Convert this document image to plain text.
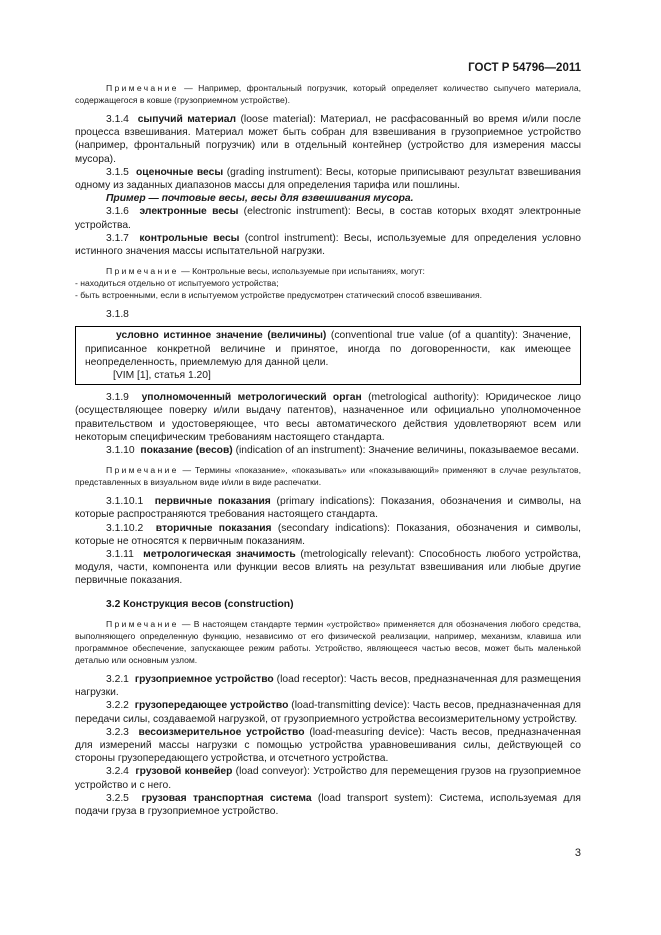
ГОСТ Р 54796—2011

Примечание — Например, фронтальный погрузчик, который определяет количество сыпучего материала, содержащегося в ковше (грузоприемном устройстве).

3.1.4 сыпучий материал (loose material): Материал, не расфасованный во время и/или после процесса взвешивания. Материал может быть собран для взвешивания в грузоприемное устройство (например, фронтальный погрузчик) или в отдельный контейнер (устройство для измерения массы мусора).

3.1.5 оценочные весы (grading instrument): Весы, которые приписывают результат взвешивания одному из заданных диапазонов массы для определения тарифа или пошлины.

Пример — почтовые весы, весы для взвешивания мусора.

3.1.6 электронные весы (electronic instrument): Весы, в состав которых входят электронные устройства.

3.1.7 контрольные весы (control instrument): Весы, используемые для определения условно истинного значения массы испытательной нагрузки.

Примечание — Контрольные весы, используемые при испытаниях, могут:

- находиться отдельно от испытуемого устройства;
- быть встроенными, если в испытуемом устройстве предусмотрен статический способ взвешивания.

3.1.8

условно истинное значение (величины) (conventional true value (of a quantity): Значение, приписанное конкретной величине и принятое, иногда по договоренности, как имеющее неопределенность, приемлемую для данной цели.

[VIM [1], статья 1.20]

3.1.9 уполномоченный метрологический орган (metrological authority): Юридическое лицо (осуществляющее поверку и/или выдачу патентов), назначенное или официально уполномоченное правительством и удостоверяющее, что весы автоматического действия удовлетворяют всем или некоторым специфическим требованиям настоящего стандарта.

3.1.10 показание (весов) (indication of an instrument): Значение величины, показываемое весами.

Примечание — Термины «показание», «показывать» или «показывающий» применяют в случае результатов, представленных в визуальном виде и/или в виде распечатки.

3.1.10.1 первичные показания (primary indications): Показания, обозначения и символы, на которые распространяются требования настоящего стандарта.

3.1.10.2 вторичные показания (secondary indications): Показания, обозначения и символы, которые не относятся к первичным показаниям.

3.1.11 метрологическая значимость (metrologically relevant): Способность любого устройства, модуля, части, компонента или функции весов влиять на результат взвешивания или любые другие первичные показания.

3.2 Конструкция весов (construction)

Примечание — В настоящем стандарте термин «устройство» применяется для обозначения любого средства, выполняющего определенную функцию, независимо от его физической реализации, например, механизм, клавиша или программное обеспечение, запускающее режим работы. Устройство, являющееся частью весов, может быть маленькой деталью или основным узлом.

3.2.1 грузоприемное устройство (load receptor): Часть весов, предназначенная для размещения нагрузки.

3.2.2 грузопередающее устройство (load-transmitting device): Часть весов, предназначенная для передачи силы, создаваемой нагрузкой, от грузоприемного устройства весоизмерительному устройству.

3.2.3 весоизмерительное устройство (load-measuring device): Часть весов, предназначенная для измерений массы нагрузки с помощью устройства уравновешивания силы, действующей со стороны грузопередающего устройства, и отсчетного устройства.

3.2.4 грузовой конвейер (load conveyor): Устройство для перемещения грузов на грузоприемное устройство и с него.

3.2.5 грузовая транспортная система (load transport system): Система, используемая для подачи груза в грузоприемное устройство.

3
